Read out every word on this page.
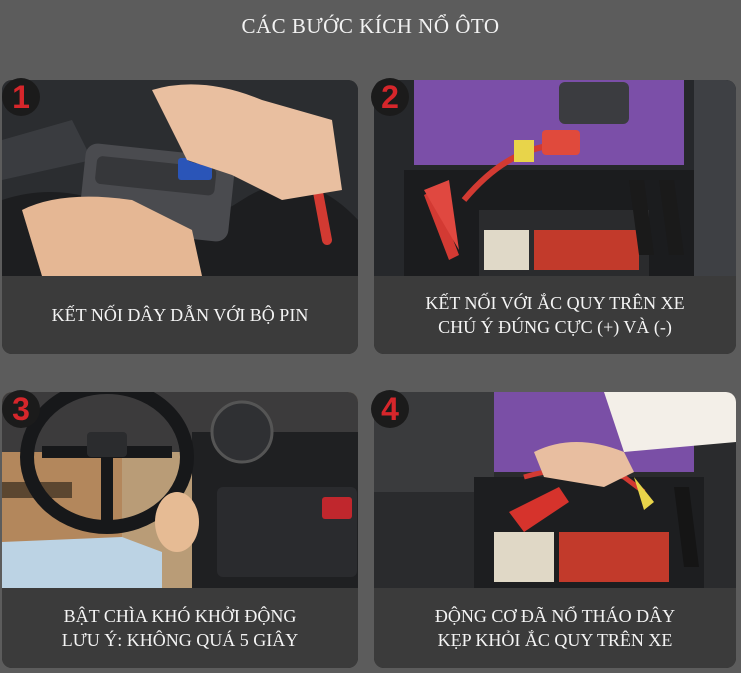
CÁC BƯỚC KÍCH NỔ ÔTO
1
KẾT NỐI DÂY DẪN VỚI BỘ PIN
2
KẾT NỐI VỚI ẮC QUY TRÊN XE
CHÚ Ý ĐÚNG CỰC (+) VÀ (-)
3
BẬT CHÌA KHÓ KHỞI ĐỘNG
LƯU Ý: KHÔNG QUÁ 5 GIÂY
4
ĐỘNG CƠ ĐÃ NỔ THÁO DÂY
KẸP KHỎI ẮC QUY TRÊN XE
